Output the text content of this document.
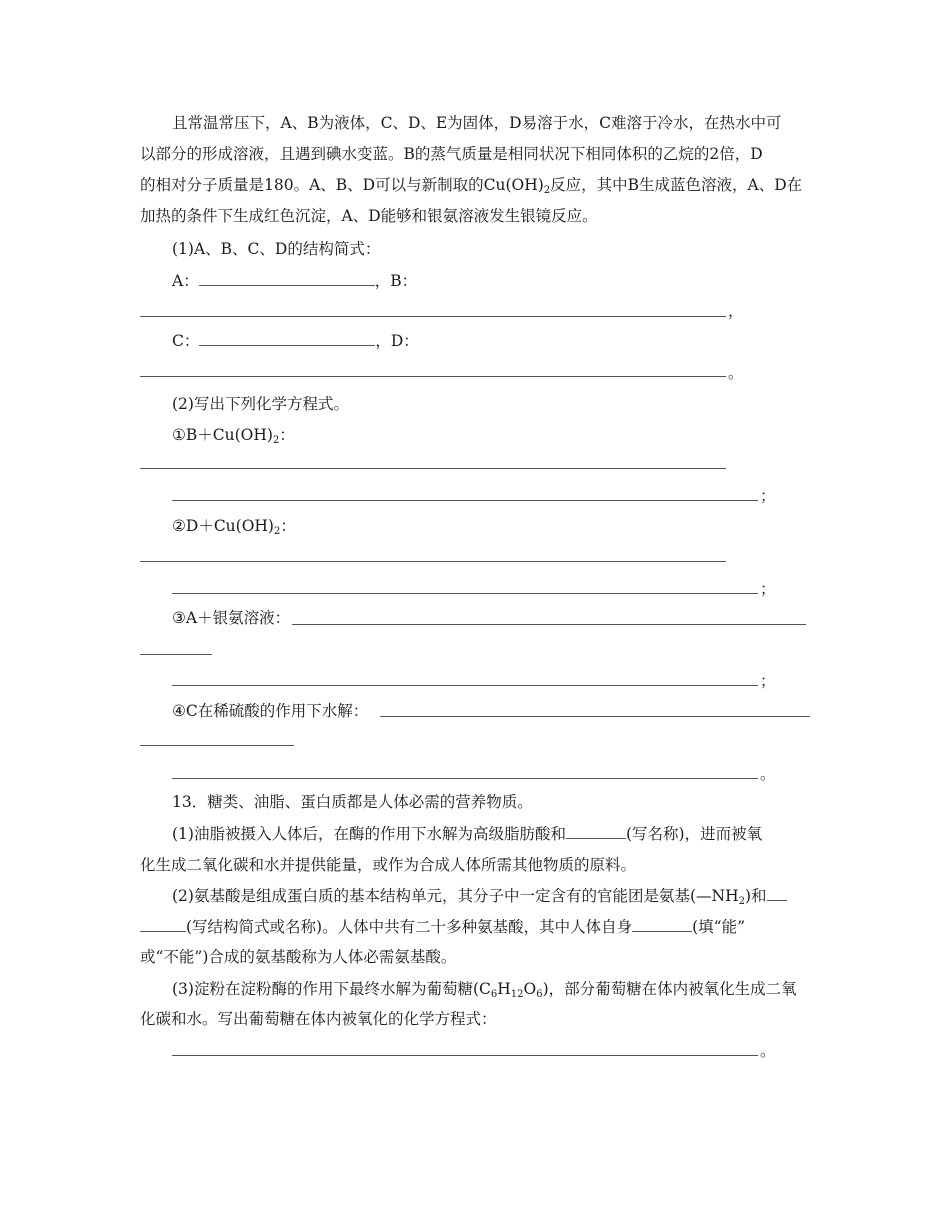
且常温常压下，A、B为液体，C、D、E为固体，D易溶于水，C难溶于冷水，在热水中可
以部分的形成溶液，且遇到碘水变蓝。B的蒸气质量是相同状况下相同体积的乙烷的2倍，D
的相对分子质量是180。A、B、D可以与新制取的$Cu(OH)_2$反应，其中B生成蓝色溶液，A、D在
加热的条件下生成红色沉淀，A、D能够和银氨溶液发生银镜反应。
(1)A、B、C、D的结构简式：
A：	，B：
，
C：	，D：
。
(2)写出下列化学方程式。
$①B+Cu(OH)_2$：
；
$②D+Cu(OH)_2$：
；
③A＋银氨溶液：
；
④C在稀硫酸的作用下水解：
。
13．糖类、油脂、蛋白质都是人体必需的营养物质。
(1)油脂被摄入人体后，在酶的作用下水解为高级脂肪酸和	(写名称)，进而被氧
化生成二氧化碳和水并提供能量，或作为合成人体所需其他物质的原料。
(2)氨基酸是组成蛋白质的基本结构单元，其分子中一定含有的官能团是氨基$(—NH_2)$和
(写结构简式或名称)。人体中共有二十多种氨基酸，其中人体自身	(填“能”
或“不能”)合成的氨基酸称为人体必需氨基酸。
(3)淀粉在淀粉酶的作用下最终水解为葡萄糖$(C_6H_{12}O_6)$，部分葡萄糖在体内被氧化生成二氧
化碳和水。写出葡萄糖在体内被氧化的化学方程式：
。
